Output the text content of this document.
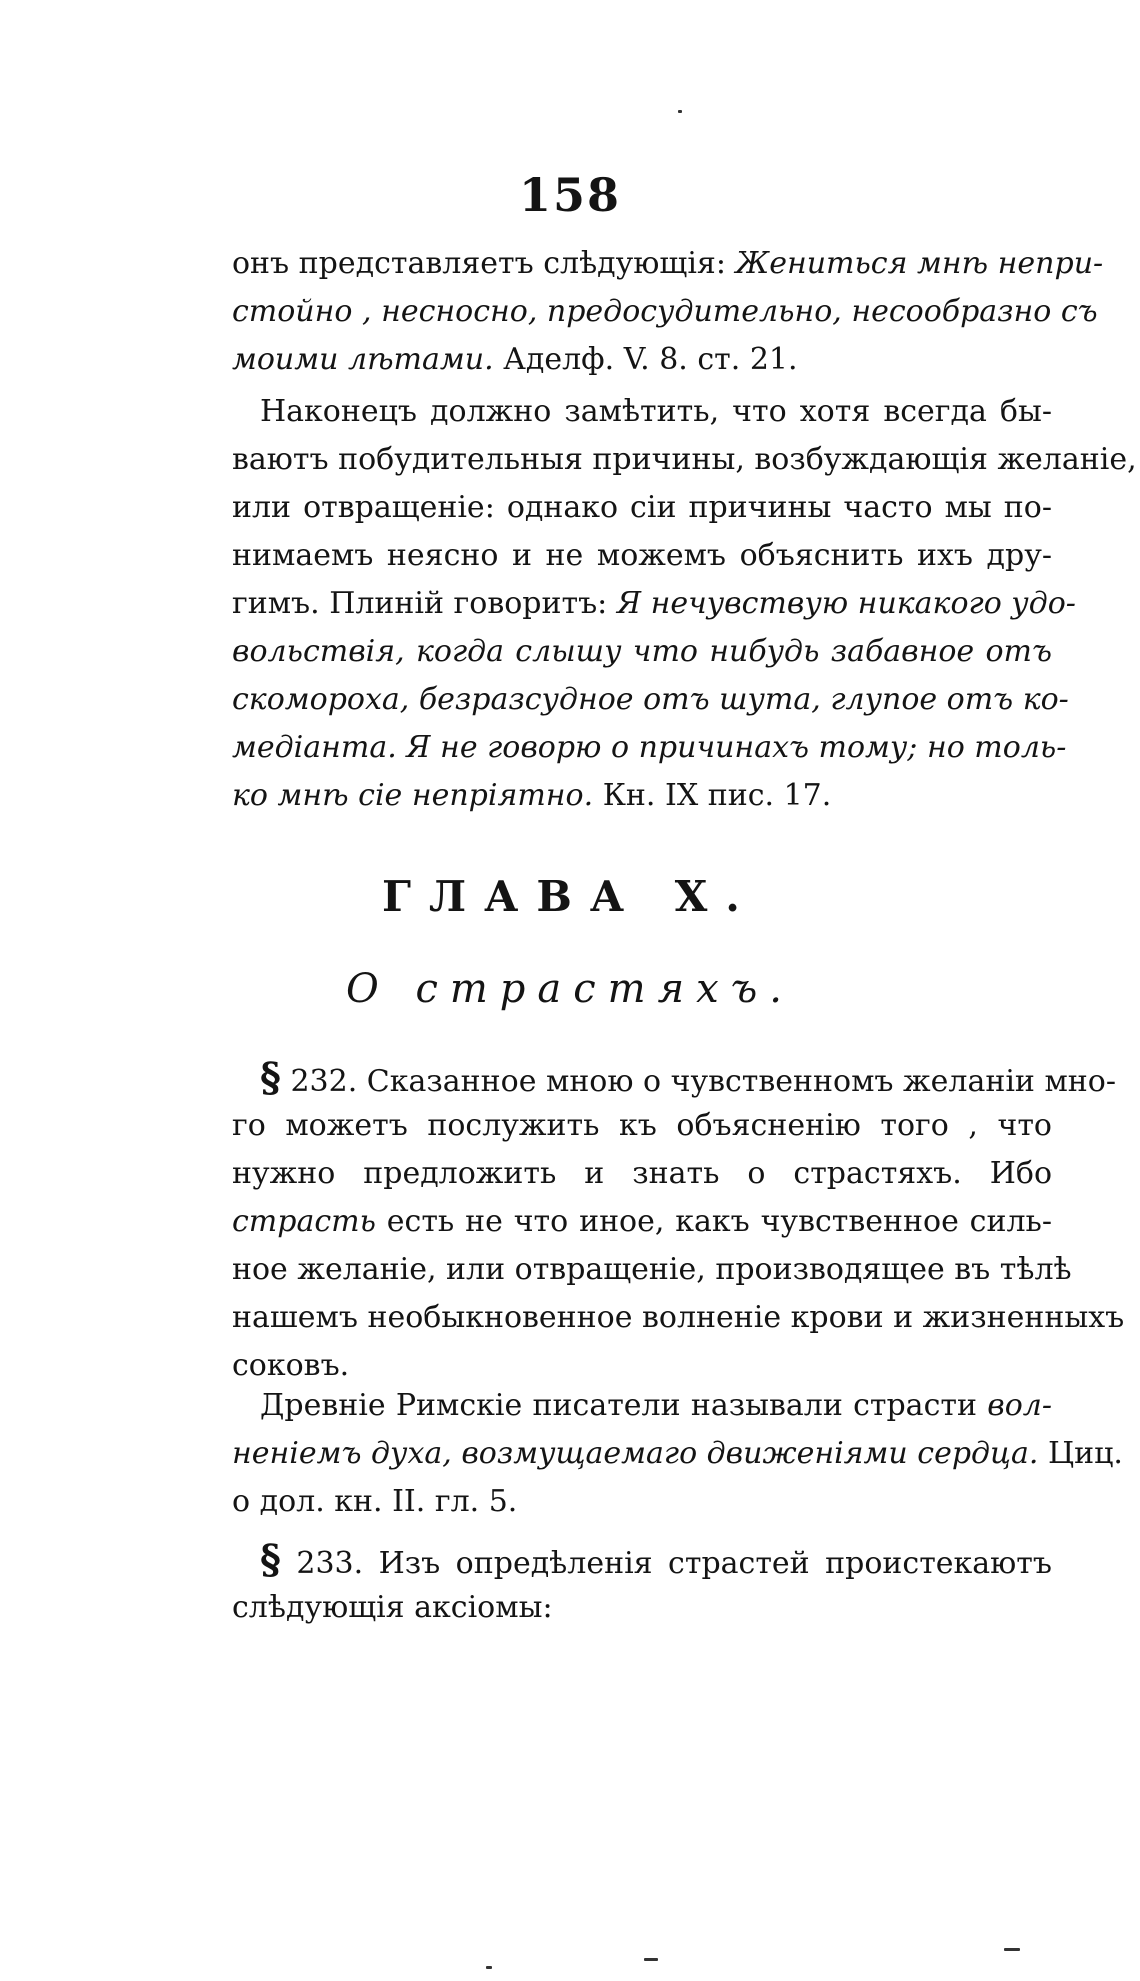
158
онъ представляетъ слѣдующія: Жениться мнѣ непри-
стойно , несносно, предосудительно, несообразно съ
моими лѣтами. Аделф. V. 8. ст. 21.
Наконецъ должно замѣтить, что хотя всегда бы-
ваютъ побудительныя причины, возбуждающія желаніе,
или отвращеніе: однако сіи причины часто мы по-
нимаемъ неясно и не можемъ объяснить ихъ дру-
гимъ. Плиній говоритъ: Я нечувствую никакого удо-
вольствія, когда слышу что нибудь забавное отъ
скомороха, безразсудное отъ шута, глупое отъ ко-
медіанта. Я не говорю о причинахъ тому; но толь-
ко мнѣ сіе непріятно. Кн. IX пис. 17.
ГЛАВА X.
О страстяхъ.
§ 232. Сказанное мною о чувственномъ желаніи мно-
го можетъ послужить къ объясненію того , что
нужно предложить и знать о страстяхъ. Ибо
страсть есть не что иное, какъ чувственное силь-
ное желаніе, или отвращеніе, производящее въ тѣлѣ
нашемъ необыкновенное волненіе крови и жизненныхъ
соковъ.
Древніе Римскіе писатели называли страсти вол-
неніемъ духа, возмущаемаго движеніями сердца. Циц.
о дол. кн. II. гл. 5.
§ 233. Изъ опредѣленія страстей проистекаютъ
слѣдующія аксіомы:
